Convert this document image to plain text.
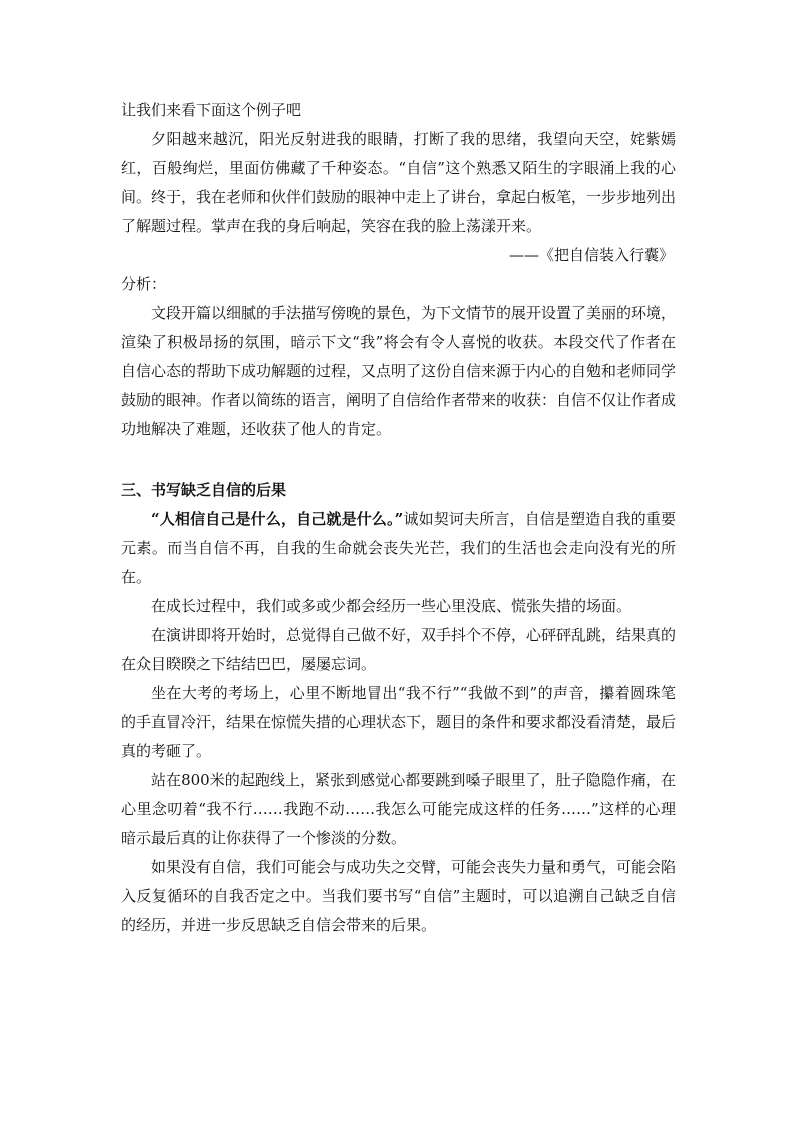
让我们来看下面这个例子吧

夕阳越来越沉，阳光反射进我的眼睛，打断了我的思绪，我望向天空，姹紫嫣红，百般绚烂，里面仿佛藏了千种姿态。“自信”这个熟悉又陌生的字眼涌上我的心间。终于，我在老师和伙伴们鼓励的眼神中走上了讲台，拿起白板笔，一步步地列出了解题过程。掌声在我的身后响起，笑容在我的脸上荡漾开来。

——《把自信装入行囊》

分析：

文段开篇以细腻的手法描写傍晚的景色，为下文情节的展开设置了美丽的环境，渲染了积极昂扬的氛围，暗示下文“我”将会有令人喜悦的收获。本段交代了作者在自信心态的帮助下成功解题的过程，又点明了这份自信来源于内心的自勉和老师同学鼓励的眼神。作者以简练的语言，阐明了自信给作者带来的收获：自信不仅让作者成功地解决了难题，还收获了他人的肯定。

三、书写缺乏自信的后果

“人相信自己是什么，自己就是什么。”诚如契诃夫所言，自信是塑造自我的重要元素。而当自信不再，自我的生命就会丧失光芒，我们的生活也会走向没有光的所在。

在成长过程中，我们或多或少都会经历一些心里没底、慌张失措的场面。

在演讲即将开始时，总觉得自己做不好，双手抖个不停，心砰砰乱跳，结果真的在众目睽睽之下结结巴巴，屡屡忘词。

坐在大考的考场上，心里不断地冒出“我不行”“我做不到”的声音，攥着圆珠笔的手直冒冷汗，结果在惊慌失措的心理状态下，题目的条件和要求都没看清楚，最后真的考砸了。

站在800米的起跑线上，紧张到感觉心都要跳到嗓子眼里了，肚子隐隐作痛，在心里念叨着“我不行……我跑不动……我怎么可能完成这样的任务……”这样的心理暗示最后真的让你获得了一个惨淡的分数。

如果没有自信，我们可能会与成功失之交臂，可能会丧失力量和勇气，可能会陷入反复循环的自我否定之中。当我们要书写“自信”主题时，可以追溯自己缺乏自信的经历，并进一步反思缺乏自信会带来的后果。
